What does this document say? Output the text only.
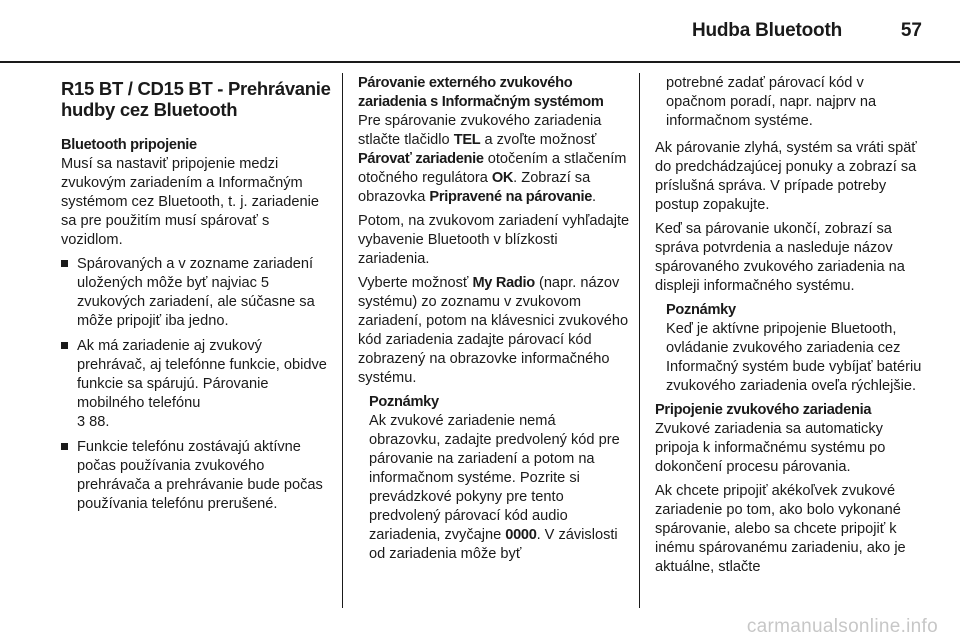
Hudba Bluetooth	57
R15 BT / CD15 BT - Prehrávanie hudby cez Bluetooth
Bluetooth pripojenie

Musí sa nastaviť pripojenie medzi zvukovým zariadením a Informačným systémom cez Bluetooth, t. j. zariadenie sa pre použitím musí spárovať s vozidlom.

Spárovaných a v zozname zariadení uložených môže byť najviac 5 zvukových zariadení, ale súčasne sa môže pripojiť iba jedno.
Ak má zariadenie aj zvukový prehrávač, aj telefónne funkcie, obidve funkcie sa spárujú. Párovanie mobilného telefónu
3 88.
Funkcie telefónu zostávajú aktívne počas používania zvukového prehrávača a prehrávanie bude počas používania telefónu prerušené.
Párovanie externého zvukového zariadenia s Informačným systémom

Pre spárovanie zvukového zariadenia stlačte tlačidlo TEL a zvoľte možnosť Párovať zariadenie otočením a stlačením otočného regulátora OK. Zobrazí sa obrazovka Pripravené na párovanie.

Potom, na zvukovom zariadení vyhľadajte vybavenie Bluetooth v blízkosti zariadenia.

Vyberte možnosť My Radio (napr. názov systému) zo zoznamu v zvukovom zariadení, potom na klávesnici zvukového kód zariadenia zadajte párovací kód zobrazený na obrazovke informačného systému.

Poznámky
Ak zvukové zariadenie nemá obrazovku, zadajte predvolený kód pre párovanie na zariadení a potom na informačnom systéme. Pozrite si prevádzkové pokyny pre tento predvolený párovací kód audio zariadenia, zvyčajne 0000. V závislosti od zariadenia môže byť
potrebné zadať párovací kód v opačnom poradí, napr. najprv na informačnom systéme.

Ak párovanie zlyhá, systém sa vráti späť do predchádzajúcej ponuky a zobrazí sa príslušná správa. V prípade potreby postup zopakujte.

Keď sa párovanie ukončí, zobrazí sa správa potvrdenia a nasleduje názov spárovaného zvukového zariadenia na displeji informačného systému.

Poznámky
Keď je aktívne pripojenie Bluetooth, ovládanie zvukového zariadenia cez Informačný systém bude vybíjať batériu zvukového zariadenia oveľa rýchlejšie.
Pripojenie zvukového zariadenia

Zvukové zariadenia sa automaticky pripoja k informačnému systému po dokončení procesu párovania.

Ak chcete pripojiť akékoľvek zvukové zariadenie po tom, ako bolo vykonané spárovanie, alebo sa chcete pripojiť k inému spárovanému zariadeniu, ako je aktuálne, stlačte

carmanualsonline.info
